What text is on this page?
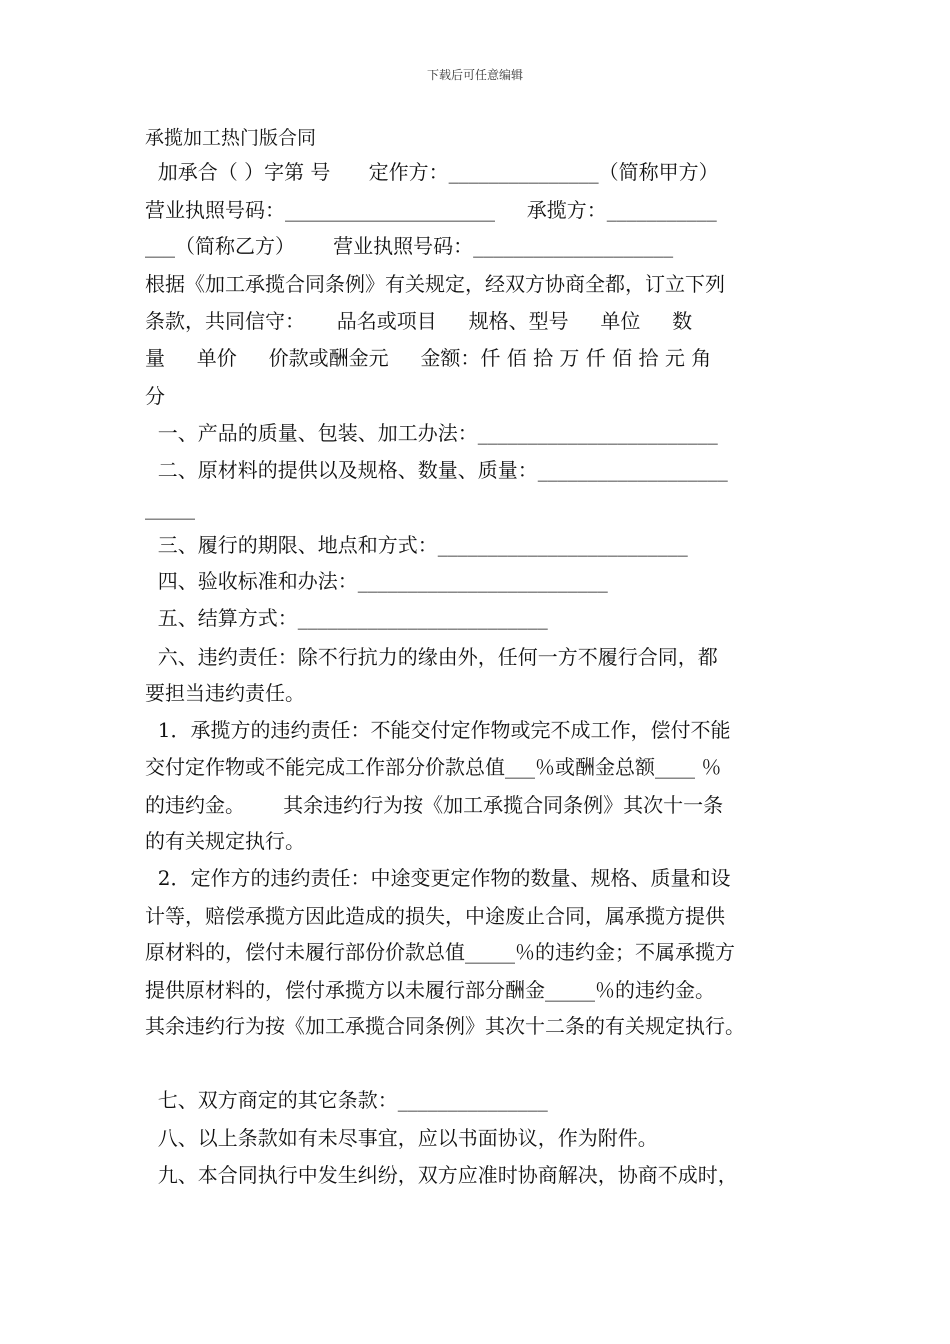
下载后可任意编辑
承揽加工热门版合同
加承合（ ）字第 号      定作方：_______________（简称甲方）
营业执照号码：_____________________     承揽方：___________
___（简称乙方）      营业执照号码：____________________
根据《加工承揽合同条例》有关规定，经双方协商全都，订立下列
条款，共同信守：     品名或项目     规格、型号     单位     数
量     单价     价款或酬金元     金额：仟 佰 拾 万 仟 佰 拾 元 角
分
一、产品的质量、包装、加工办法：________________________
二、原材料的提供以及规格、数量、质量：___________________
_____
三、履行的期限、地点和方式：_________________________
四、验收标准和办法：_________________________
五、结算方式：_________________________
六、违约责任：除不行抗力的缘由外，任何一方不履行合同，都
要担当违约责任。
1．承揽方的违约责任：不能交付定作物或完不成工作，偿付不能
交付定作物或不能完成工作部分价款总值___％或酬金总额____ ％
的违约金。      其余违约行为按《加工承揽合同条例》其次十一条
的有关规定执行。
2．定作方的违约责任：中途变更定作物的数量、规格、质量和设
计等，赔偿承揽方因此造成的损失，中途废止合同，属承揽方提供
原材料的，偿付未履行部份价款总值_____％的违约金；不属承揽方
提供原材料的，偿付承揽方以未履行部分酬金_____％的违约金。
其余违约行为按《加工承揽合同条例》其次十二条的有关规定执行。
七、双方商定的其它条款：_______________
八、以上条款如有未尽事宜，应以书面协议，作为附件。
九、本合同执行中发生纠纷，双方应准时协商解决，协商不成时，
